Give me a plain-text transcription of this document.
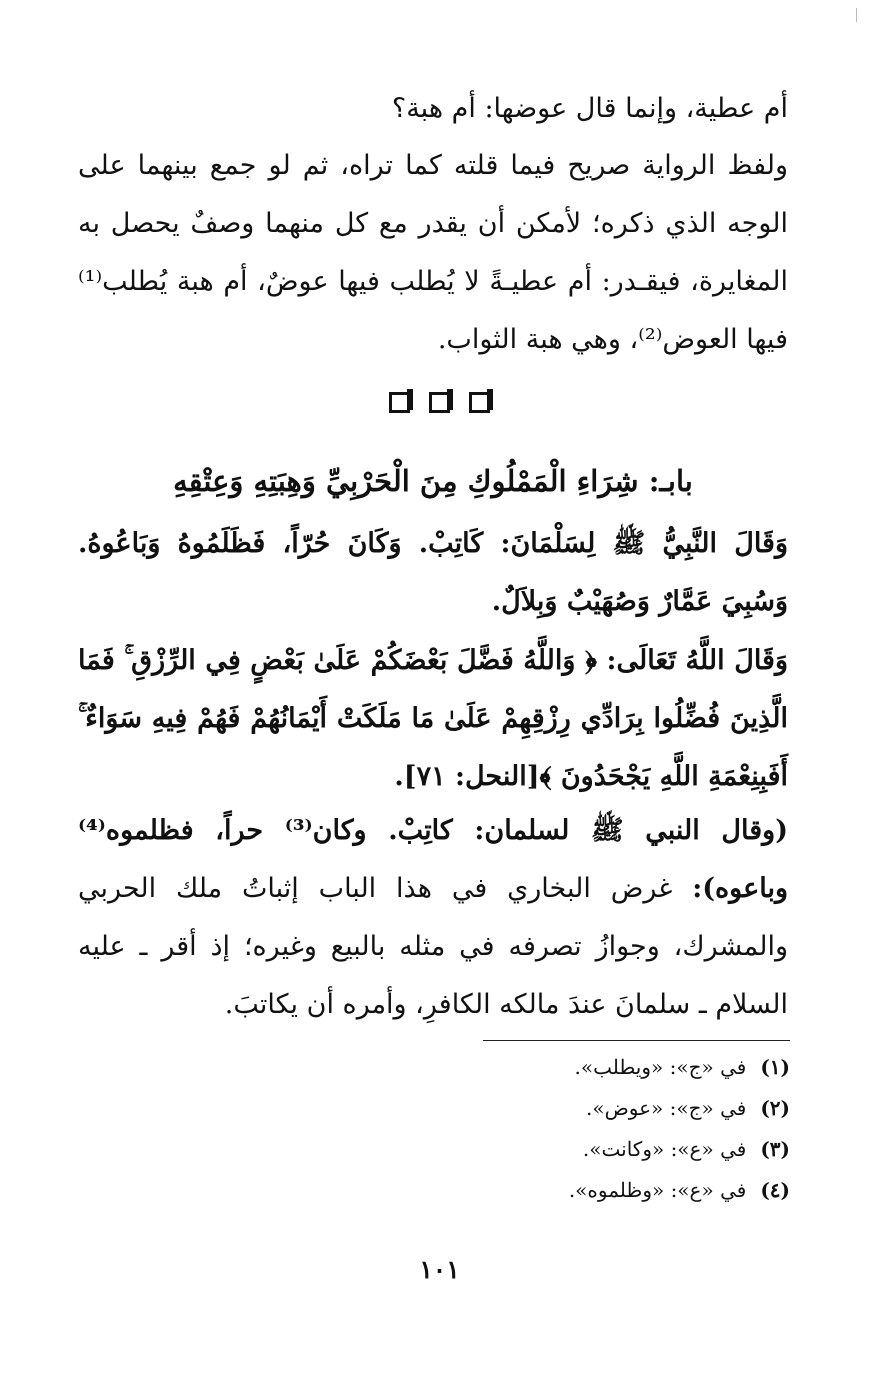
أم عطية، وإنما قال عوضها: أم هبة؟
ولفظ الرواية صريح فيما قلته كما تراه، ثم لو جمع بينهما على الوجه الذي ذكره؛ لأمكن أن يقدر مع كل منهما وصفٌ يحصل به المغايرة، فيقـدر: أم عطيـةً لا يُطلب فيها عوضٌ، أم هبة يُطلب⁽¹⁾ فيها العوض⁽²⁾، وهي هبة الثواب.

بابـ: شِرَاءِ الْمَمْلُوكِ مِنَ الْحَرْبِيِّ وَهِبَتِهِ وَعِتْقِهِ
وَقَالَ النَّبِيُّ ﷺ لِسَلْمَانَ: كَاتِبْ. وَكَانَ حُرّاً، فَظَلَمُوهُ وَبَاعُوهُ. وَسُبِيَ عَمَّارٌ وَصُهَيْبٌ وَبِلاَلٌ.
وَقَالَ اللَّهُ تَعَالَى: ﴿ وَاللَّهُ فَضَّلَ بَعْضَكُمْ عَلَىٰ بَعْضٍ فِي الرِّزْقِ ۚ فَمَا الَّذِينَ فُضِّلُوا بِرَادِّي رِزْقِهِمْ عَلَىٰ مَا مَلَكَتْ أَيْمَانُهُمْ فَهُمْ فِيهِ سَوَاءٌ ۚ أَفَبِنِعْمَةِ اللَّهِ يَجْحَدُونَ ﴾[النحل: ٧١].
(وقال النبي ﷺ لسلمان: كاتِبْ. وكان⁽³⁾ حراً، فظلموه⁽⁴⁾ وباعوه): غرض البخاري في هذا الباب إثباتُ ملك الحربي والمشرك، وجوازُ تصرفه في مثله بالبيع وغيره؛ إذ أقر ـ عليه السلام ـ سلمانَ عندَ مالكه الكافرِ، وأمره أن يكاتبَ.
(١)في «ج»: «ويطلب».
(٢)في «ج»: «عوض».
(٣)في «ع»: «وكانت».
(٤)في «ع»: «وظلموه».
١٠١
